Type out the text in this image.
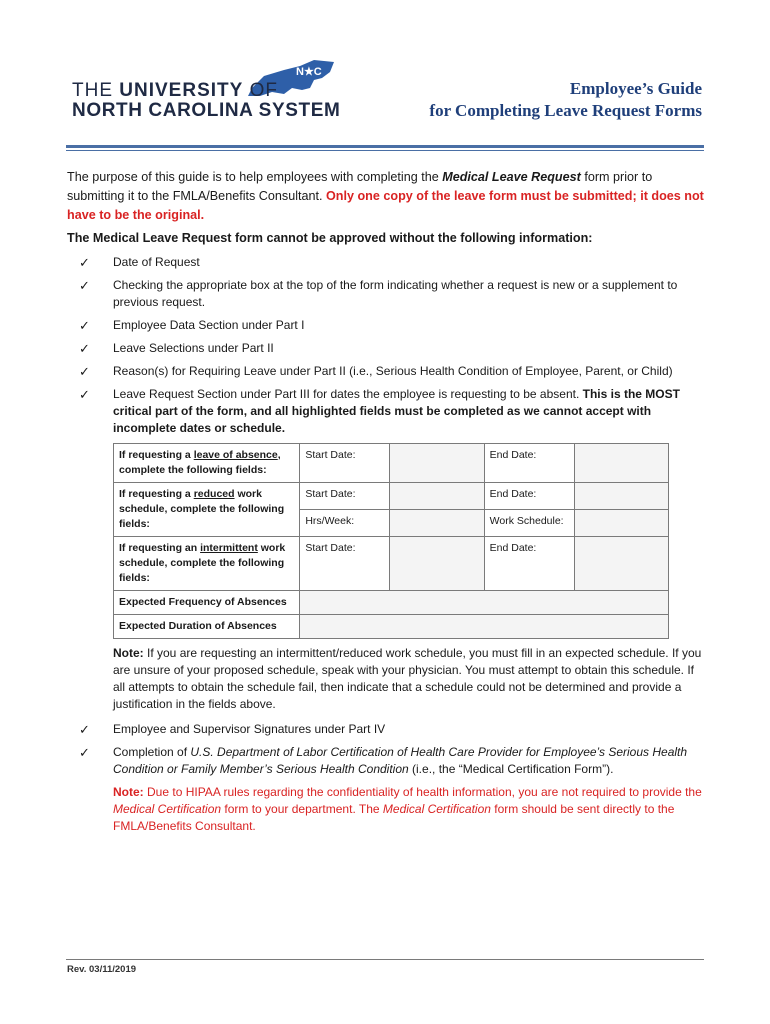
N★C
THE UNIVERSITY OF
NORTH CAROLINA SYSTEM
Employee’s Guide
for Completing Leave Request Forms

The purpose of this guide is to help employees with completing the Medical Leave Request form prior to submitting it to the FMLA/Benefits Consultant. Only one copy of the leave form must be submitted; it does not have to be the original.

The Medical Leave Request form cannot be approved without the following information:

✓ Date of Request
✓ Checking the appropriate box at the top of the form indicating whether a request is new or a supplement to previous request.
✓ Employee Data Section under Part I
✓ Leave Selections under Part II
✓ Reason(s) for Requiring Leave under Part II (i.e., Serious Health Condition of Employee, Parent, or Child)
✓ Leave Request Section under Part III for dates the employee is requesting to be absent. This is the MOST critical part of the form, and all highlighted fields must be completed as we cannot accept with incomplete dates or schedule.
If requesting a leave of absence, complete the following fields:	Start Date:		End Date:	
If requesting a reduced work schedule, complete the following fields:	Start Date:		End Date:	
	Hrs/Week:		Work Schedule:	
If requesting an intermittent work schedule, complete the following fields:	Start Date:		End Date:	
Expected Frequency of Absences				
Expected Duration of Absences				

Note: If you are requesting an intermittent/reduced work schedule, you must fill in an expected schedule. If you are unsure of your proposed schedule, speak with your physician. You must attempt to obtain this schedule. If all attempts to obtain the schedule fail, then indicate that a schedule could not be determined and provide a justification in the fields above.

✓ Employee and Supervisor Signatures under Part IV
✓ Completion of U.S. Department of Labor Certification of Health Care Provider for Employee’s Serious Health Condition or Family Member’s Serious Health Condition (i.e., the “Medical Certification Form”).

Note: Due to HIPAA rules regarding the confidentiality of health information, you are not required to provide the Medical Certification form to your department. The Medical Certification form should be sent directly to the FMLA/Benefits Consultant.

Rev. 03/11/2019
